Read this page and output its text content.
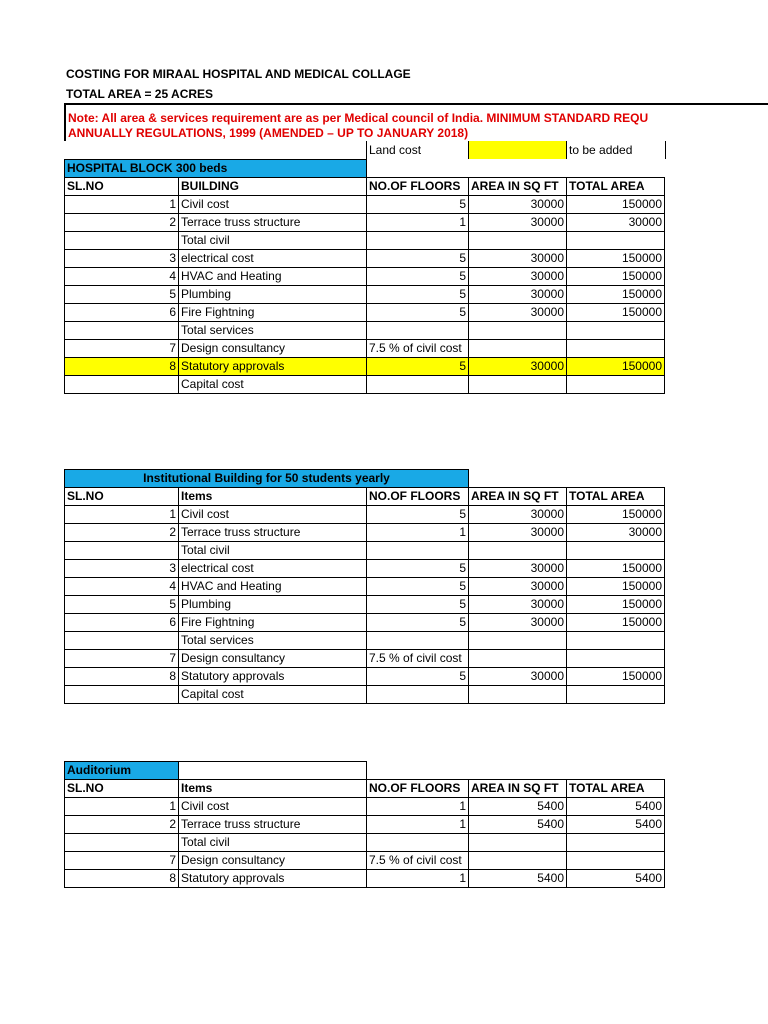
COSTING FOR MIRAAL HOSPITAL AND MEDICAL COLLAGE
TOTAL AREA = 25 ACRES
Note: All area & services requirement are as per Medical council of India. MINIMUM STANDARD REQU
ANNUALLY REGULATIONS, 1999 (AMENDED – UP TO JANUARY 2018)
Land cost	to be added
HOSPITAL BLOCK 300 beds				
SL.NO	BUILDING	NO.OF FLOORS	AREA IN SQ FT	TOTAL AREA
1	Civil cost	5	30000	150000
2	Terrace truss structure	1	30000	30000
	Total civil			
3	electrical cost	5	30000	150000
4	HVAC and Heating	5	30000	150000
5	Plumbing	5	30000	150000
6	Fire Fightning	5	30000	150000
	Total services			
7	Design consultancy	7.5 % of civil cost		
8	Statutory approvals	5	30000	150000
	Capital cost			
Institutional Building for 50 students yearly				
SL.NO	Items	NO.OF FLOORS	AREA IN SQ FT	TOTAL AREA
1	Civil cost	5	30000	150000
2	Terrace truss structure	1	30000	30000
	Total civil			
3	electrical cost	5	30000	150000
4	HVAC and Heating	5	30000	150000
5	Plumbing	5	30000	150000
6	Fire Fightning	5	30000	150000
	Total services			
7	Design consultancy	7.5 % of civil cost		
8	Statutory approvals	5	30000	150000
	Capital cost			
Auditorium				
SL.NO	Items	NO.OF FLOORS	AREA IN SQ FT	TOTAL AREA
1	Civil cost	1	5400	5400
2	Terrace truss structure	1	5400	5400
	Total civil			
7	Design consultancy	7.5 % of civil cost		
8	Statutory approvals	1	5400	5400
